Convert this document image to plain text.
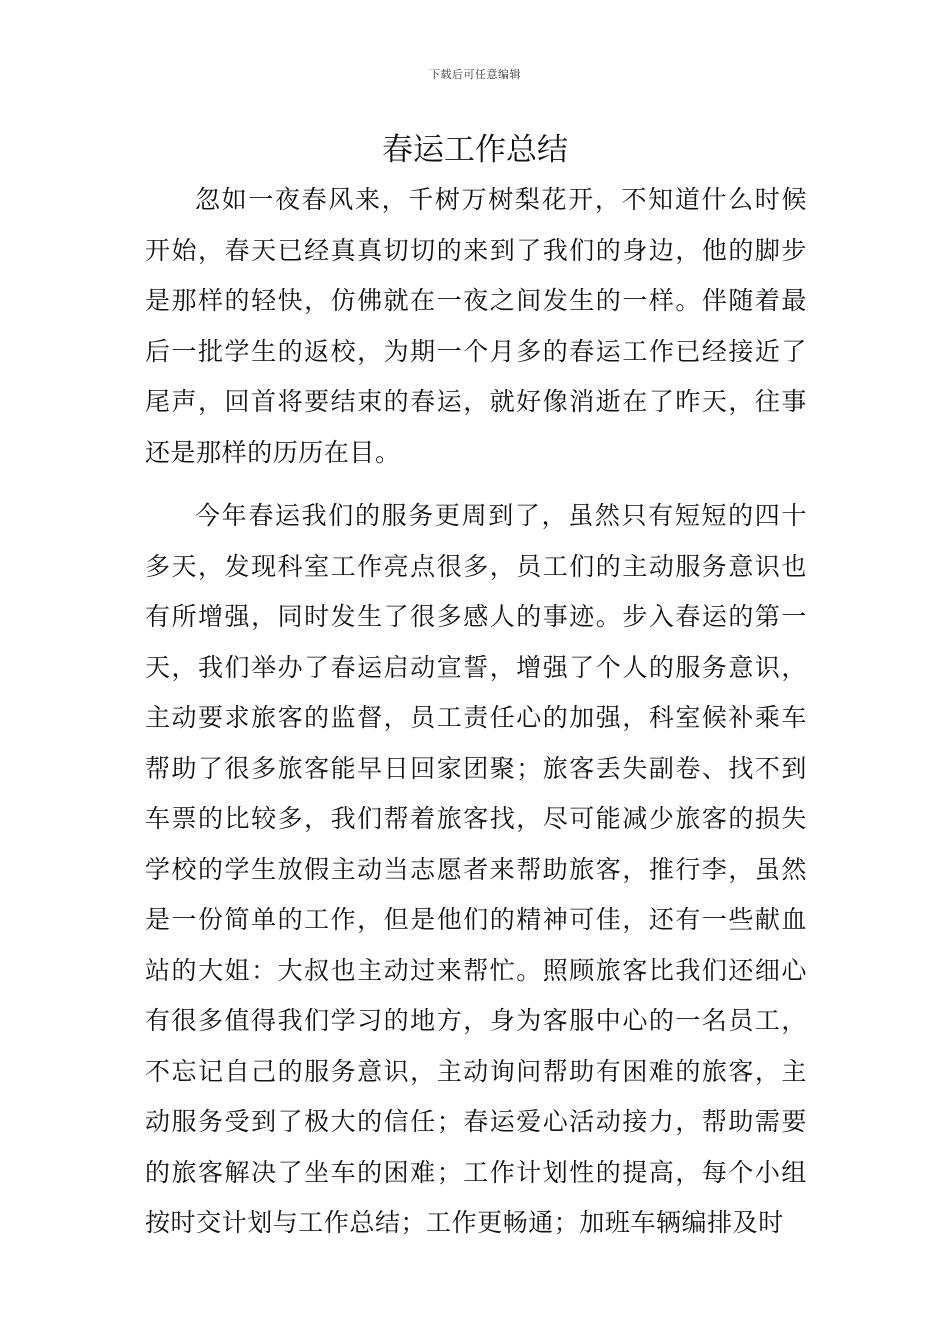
下载后可任意编辑
春运工作总结

忽如一夜春风来，千树万树梨花开，不知道什么时候开始，春天已经真真切切的来到了我们的身边，他的脚步是那样的轻快，仿佛就在一夜之间发生的一样。伴随着最后一批学生的返校，为期一个月多的春运工作已经接近了尾声，回首将要结束的春运，就好像消逝在了昨天，往事还是那样的历历在目。

今年春运我们的服务更周到了，虽然只有短短的四十多天，发现科室工作亮点很多，员工们的主动服务意识也有所增强，同时发生了很多感人的事迹。步入春运的第一天，我们举办了春运启动宣誓，增强了个人的服务意识，主动要求旅客的监督，员工责任心的加强，科室候补乘车帮助了很多旅客能早日回家团聚；旅客丢失副卷、找不到车票的比较多，我们帮着旅客找，尽可能减少旅客的损失学校的学生放假主动当志愿者来帮助旅客，推行李，虽然是一份简单的工作，但是他们的精神可佳，还有一些献血站的大姐：大叔也主动过来帮忙。照顾旅客比我们还细心有很多值得我们学习的地方，身为客服中心的一名员工，不忘记自己的服务意识，主动询问帮助有困难的旅客，主动服务受到了极大的信任；春运爱心活动接力，帮助需要的旅客解决了坐车的困难；工作计划性的提高，每个小组按时交计划与工作总结；工作更畅通；加班车辆编排及时
